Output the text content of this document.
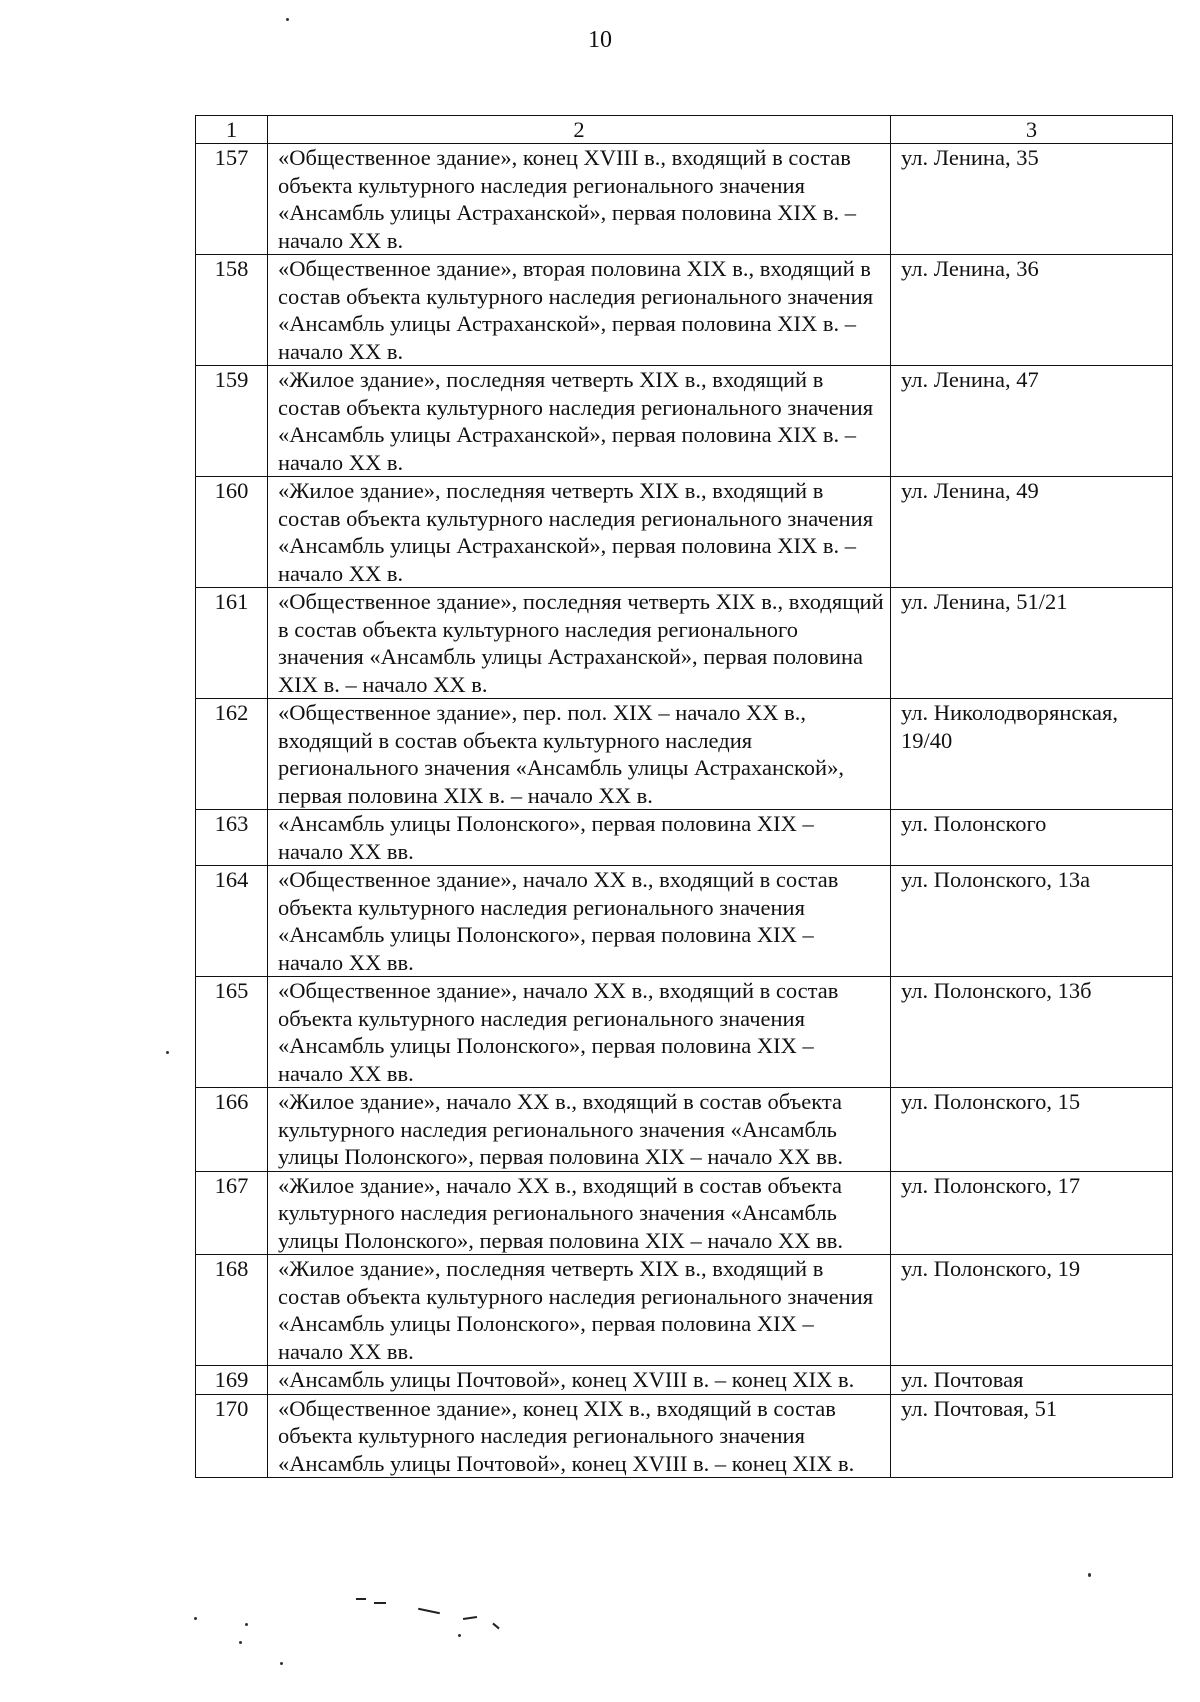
10
1	2	3
157	«Общественное здание», конец XVIII в., входящий в состав объекта культурного наследия регионального значения «Ансамбль улицы Астраханской», первая половина XIX в. – начало XX в.	ул. Ленина, 35
158	«Общественное здание», вторая половина XIX в., входящий в состав объекта культурного наследия регионального значения «Ансамбль улицы Астраханской», первая половина XIX в. – начало XX в.	ул. Ленина, 36
159	«Жилое здание», последняя четверть XIX в., входящий в состав объекта культурного наследия регионального значения «Ансамбль улицы Астраханской», первая половина XIX в. – начало XX в.	ул. Ленина, 47
160	«Жилое здание», последняя четверть XIX в., входящий в состав объекта культурного наследия регионального значения «Ансамбль улицы Астраханской», первая половина XIX в. – начало XX в.	ул. Ленина, 49
161	«Общественное здание», последняя четверть XIX в., входящий в состав объекта культурного наследия регионального значения «Ансамбль улицы Астраханской», первая половина XIX в. – начало XX в.	ул. Ленина, 51/21
162	«Общественное здание», пер. пол. XIX – начало XX в., входящий в состав объекта культурного наследия регионального значения «Ансамбль улицы Астраханской», первая половина XIX в. – начало XX в.	ул. Николодворянская, 19/40
163	«Ансамбль улицы Полонского», первая половина XIX – начало XX вв.	ул. Полонского
164	«Общественное здание», начало XX в., входящий в состав объекта культурного наследия регионального значения «Ансамбль улицы Полонского», первая половина XIX – начало XX вв.	ул. Полонского, 13а
165	«Общественное здание», начало XX в., входящий в состав объекта культурного наследия регионального значения «Ансамбль улицы Полонского», первая половина XIX – начало XX вв.	ул. Полонского, 13б
166	«Жилое здание», начало XX в., входящий в состав объекта культурного наследия регионального значения «Ансамбль улицы Полонского», первая половина XIX – начало XX вв.	ул. Полонского, 15
167	«Жилое здание», начало XX в., входящий в состав объекта культурного наследия регионального значения «Ансамбль улицы Полонского», первая половина XIX – начало XX вв.	ул. Полонского, 17
168	«Жилое здание», последняя четверть XIX в., входящий в состав объекта культурного наследия регионального значения «Ансамбль улицы Полонского», первая половина XIX – начало XX вв.	ул. Полонского, 19
169	«Ансамбль улицы Почтовой», конец XVIII в. – конец XIX в.	ул. Почтовая
170	«Общественное здание», конец XIX в., входящий в состав объекта культурного наследия регионального значения «Ансамбль улицы Почтовой», конец XVIII в. – конец XIX в.	ул. Почтовая, 51
